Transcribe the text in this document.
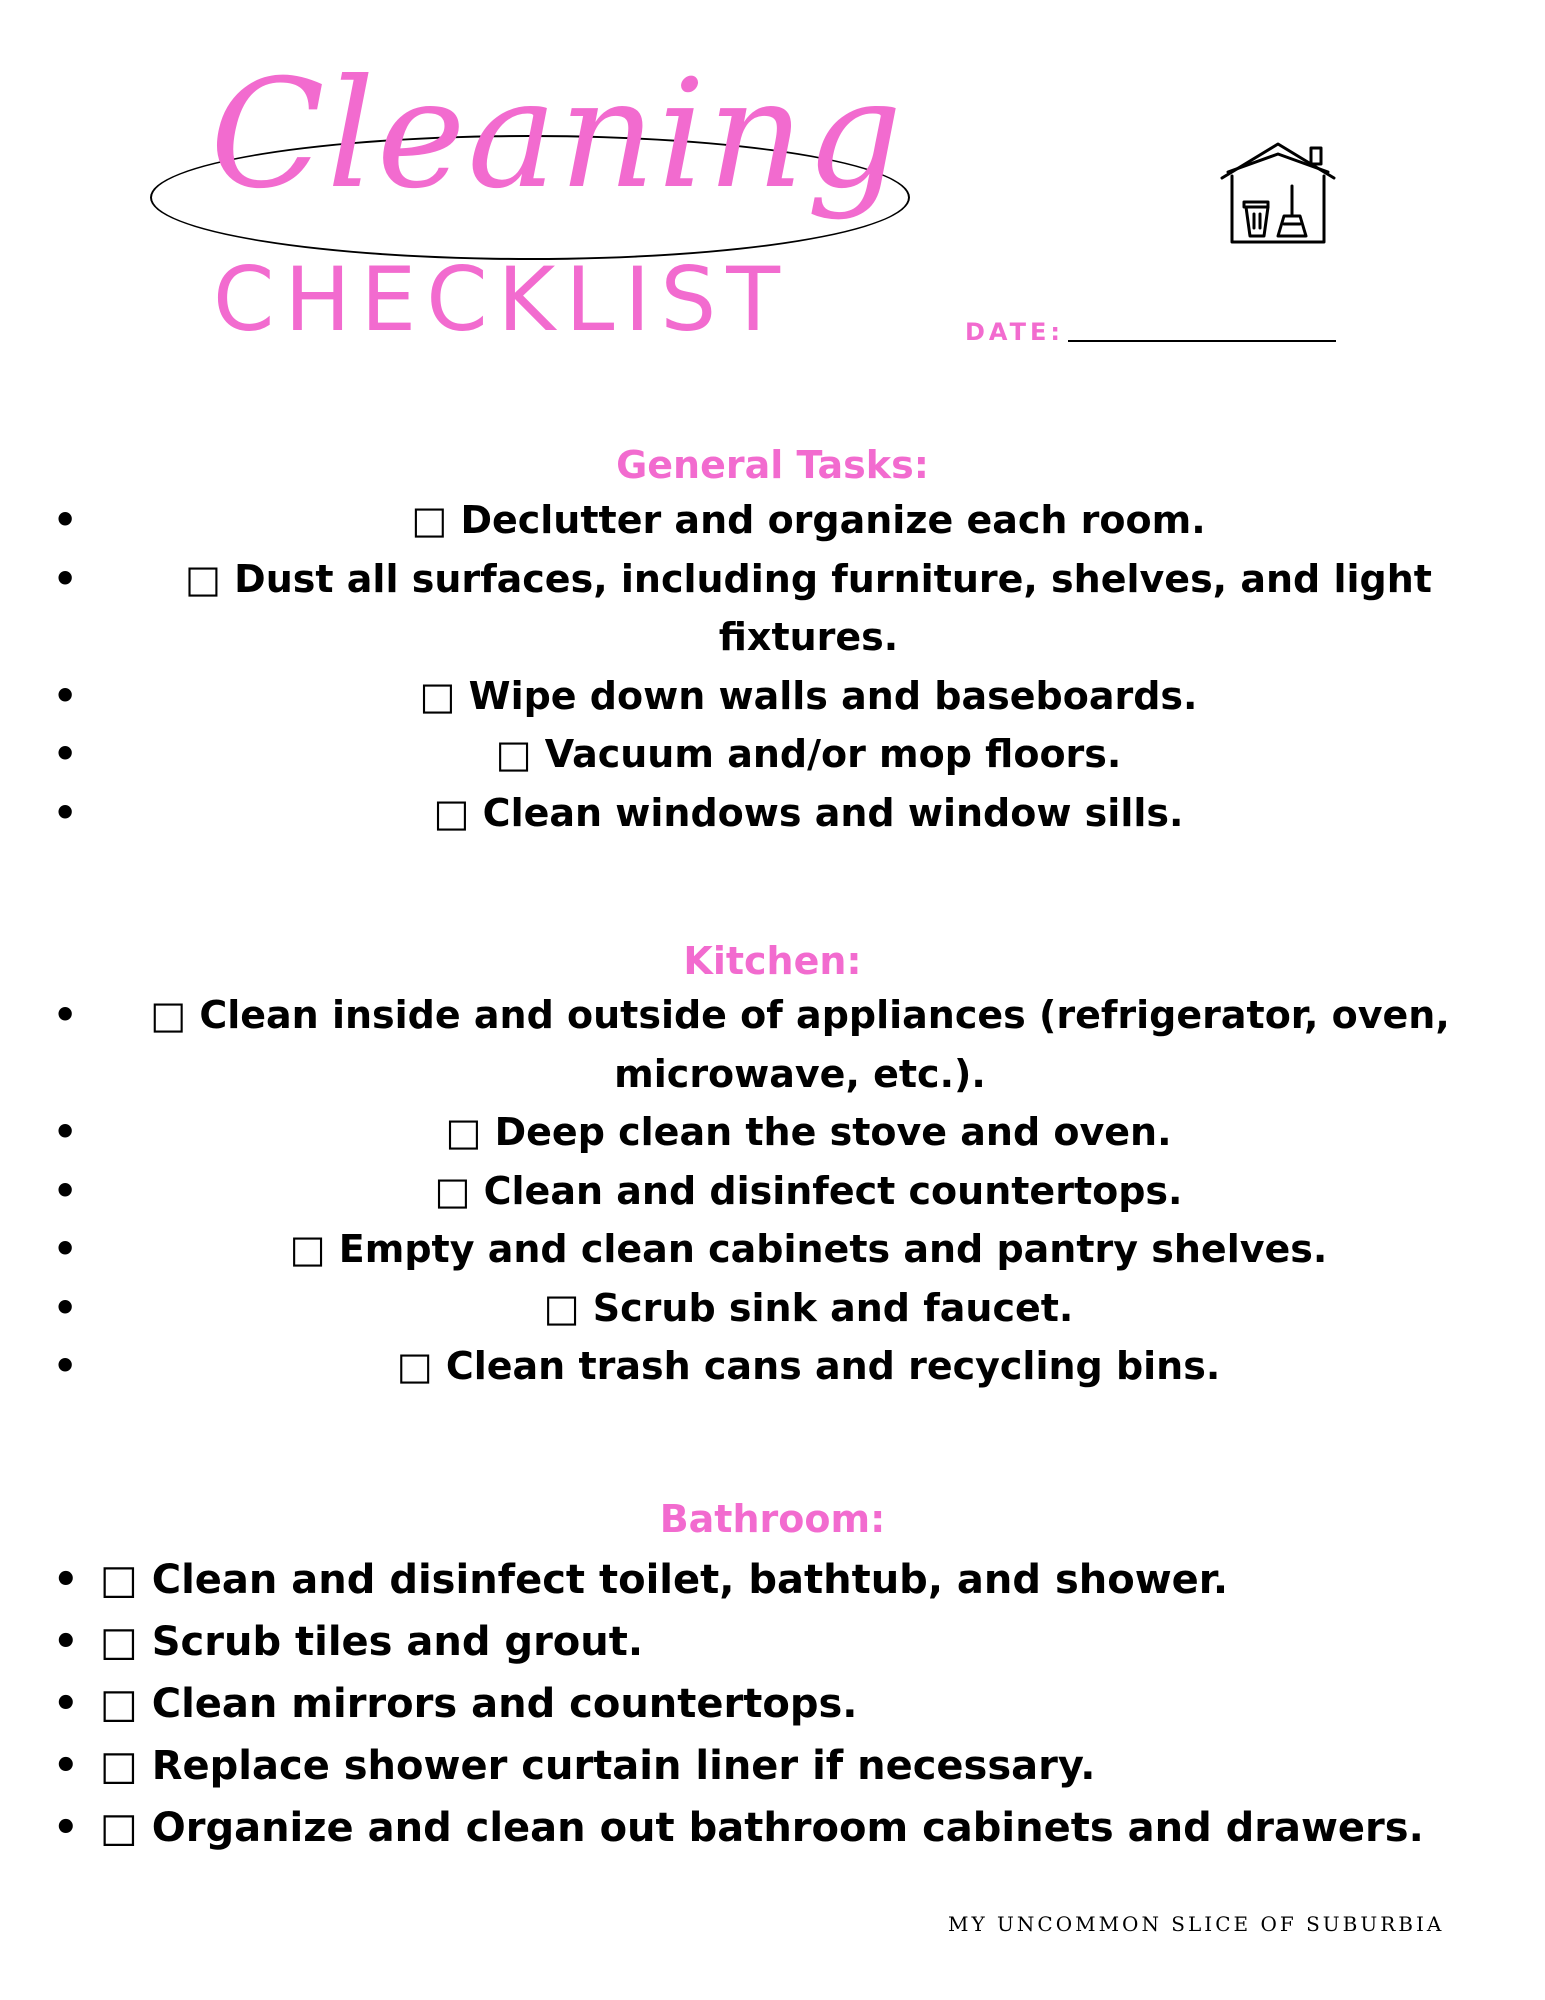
Cleaning
CHECKLIST	DATE:
General Tasks:
•	□ Declutter and organize each room.
•	□ Dust all surfaces, including furniture, shelves, and light fixtures.
•	□ Wipe down walls and baseboards.
•	□ Vacuum and/or mop floors.
•	□ Clean windows and window sills.
Kitchen:
• □ Clean inside and outside of appliances (refrigerator, oven, microwave, etc.).
•	□ Deep clean the stove and oven.
•	□ Clean and disinfect countertops.
•	□ Empty and clean cabinets and pantry shelves.
•	□ Scrub sink and faucet.
•	□ Clean trash cans and recycling bins.
Bathroom:
• □ Clean and disinfect toilet, bathtub, and shower.
• □ Scrub tiles and grout.
• □ Clean mirrors and countertops.
• □ Replace shower curtain liner if necessary.
• □ Organize and clean out bathroom cabinets and drawers.
MY UNCOMMON SLICE OF SUBURBIA
